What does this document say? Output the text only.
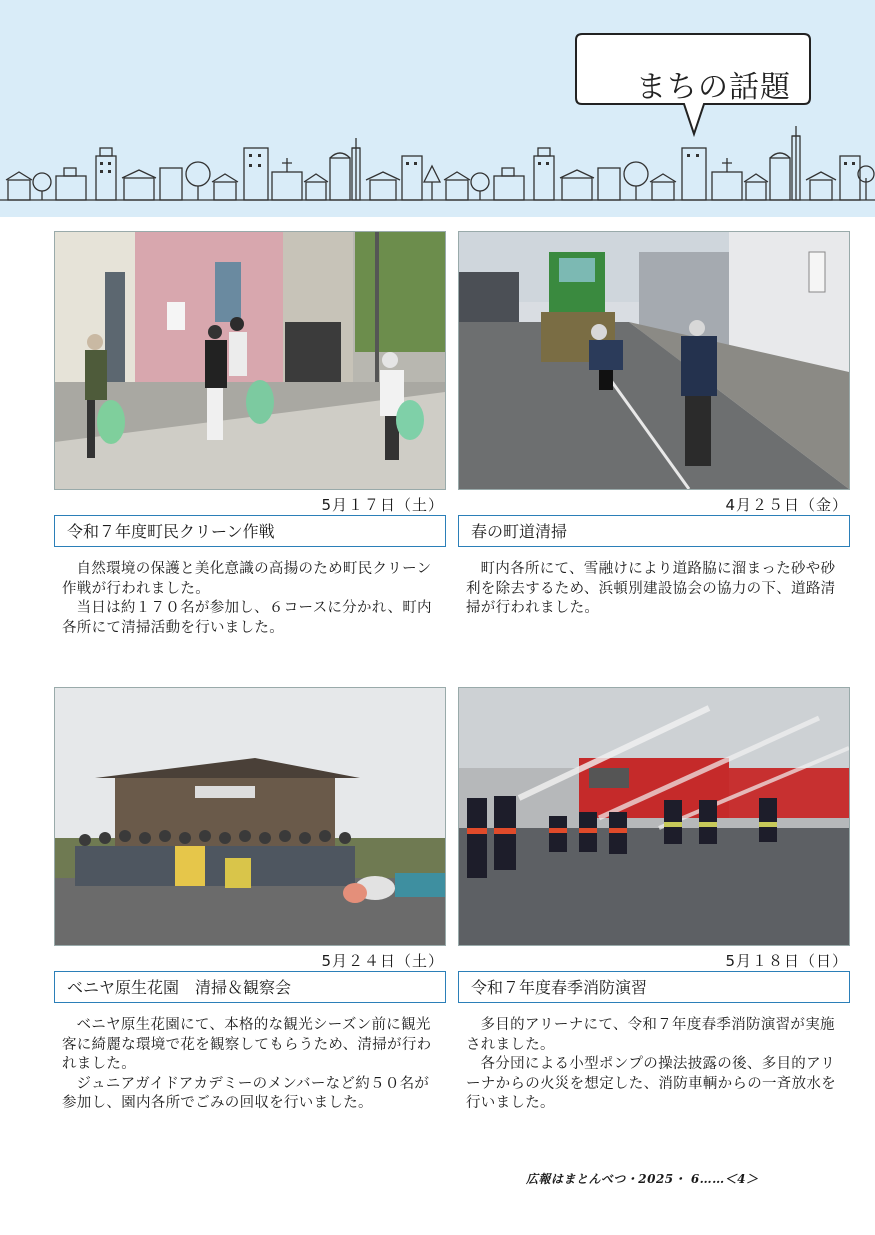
まちの話題
5月１７日（土）
令和７年度町民クリーン作戦

自然環境の保護と美化意識の高揚のため町民クリーン作戦が行われました。

当日は約１７０名が参加し、６コースに分かれ、町内各所にて清掃活動を行いました。

4月２５日（金）
春の町道清掃

町内各所にて、雪融けにより道路脇に溜まった砂や砂利を除去するため、浜頓別建設協会の協力の下、道路清掃が行われました。

5月２４日（土）
ベニヤ原生花園　清掃＆観察会

ベニヤ原生花園にて、本格的な観光シーズン前に観光客に綺麗な環境で花を観察してもらうため、清掃が行われました。

ジュニアガイドアカデミーのメンバーなど約５０名が参加し、園内各所でごみの回収を行いました。

5月１８日（日）
令和７年度春季消防演習

多目的アリーナにて、令和７年度春季消防演習が実施されました。

各分団による小型ポンプの操法披露の後、多目的アリーナからの火災を想定した、消防車輌からの一斉放水を行いました。

広報はまとんべつ・2025・ 6……＜4＞
